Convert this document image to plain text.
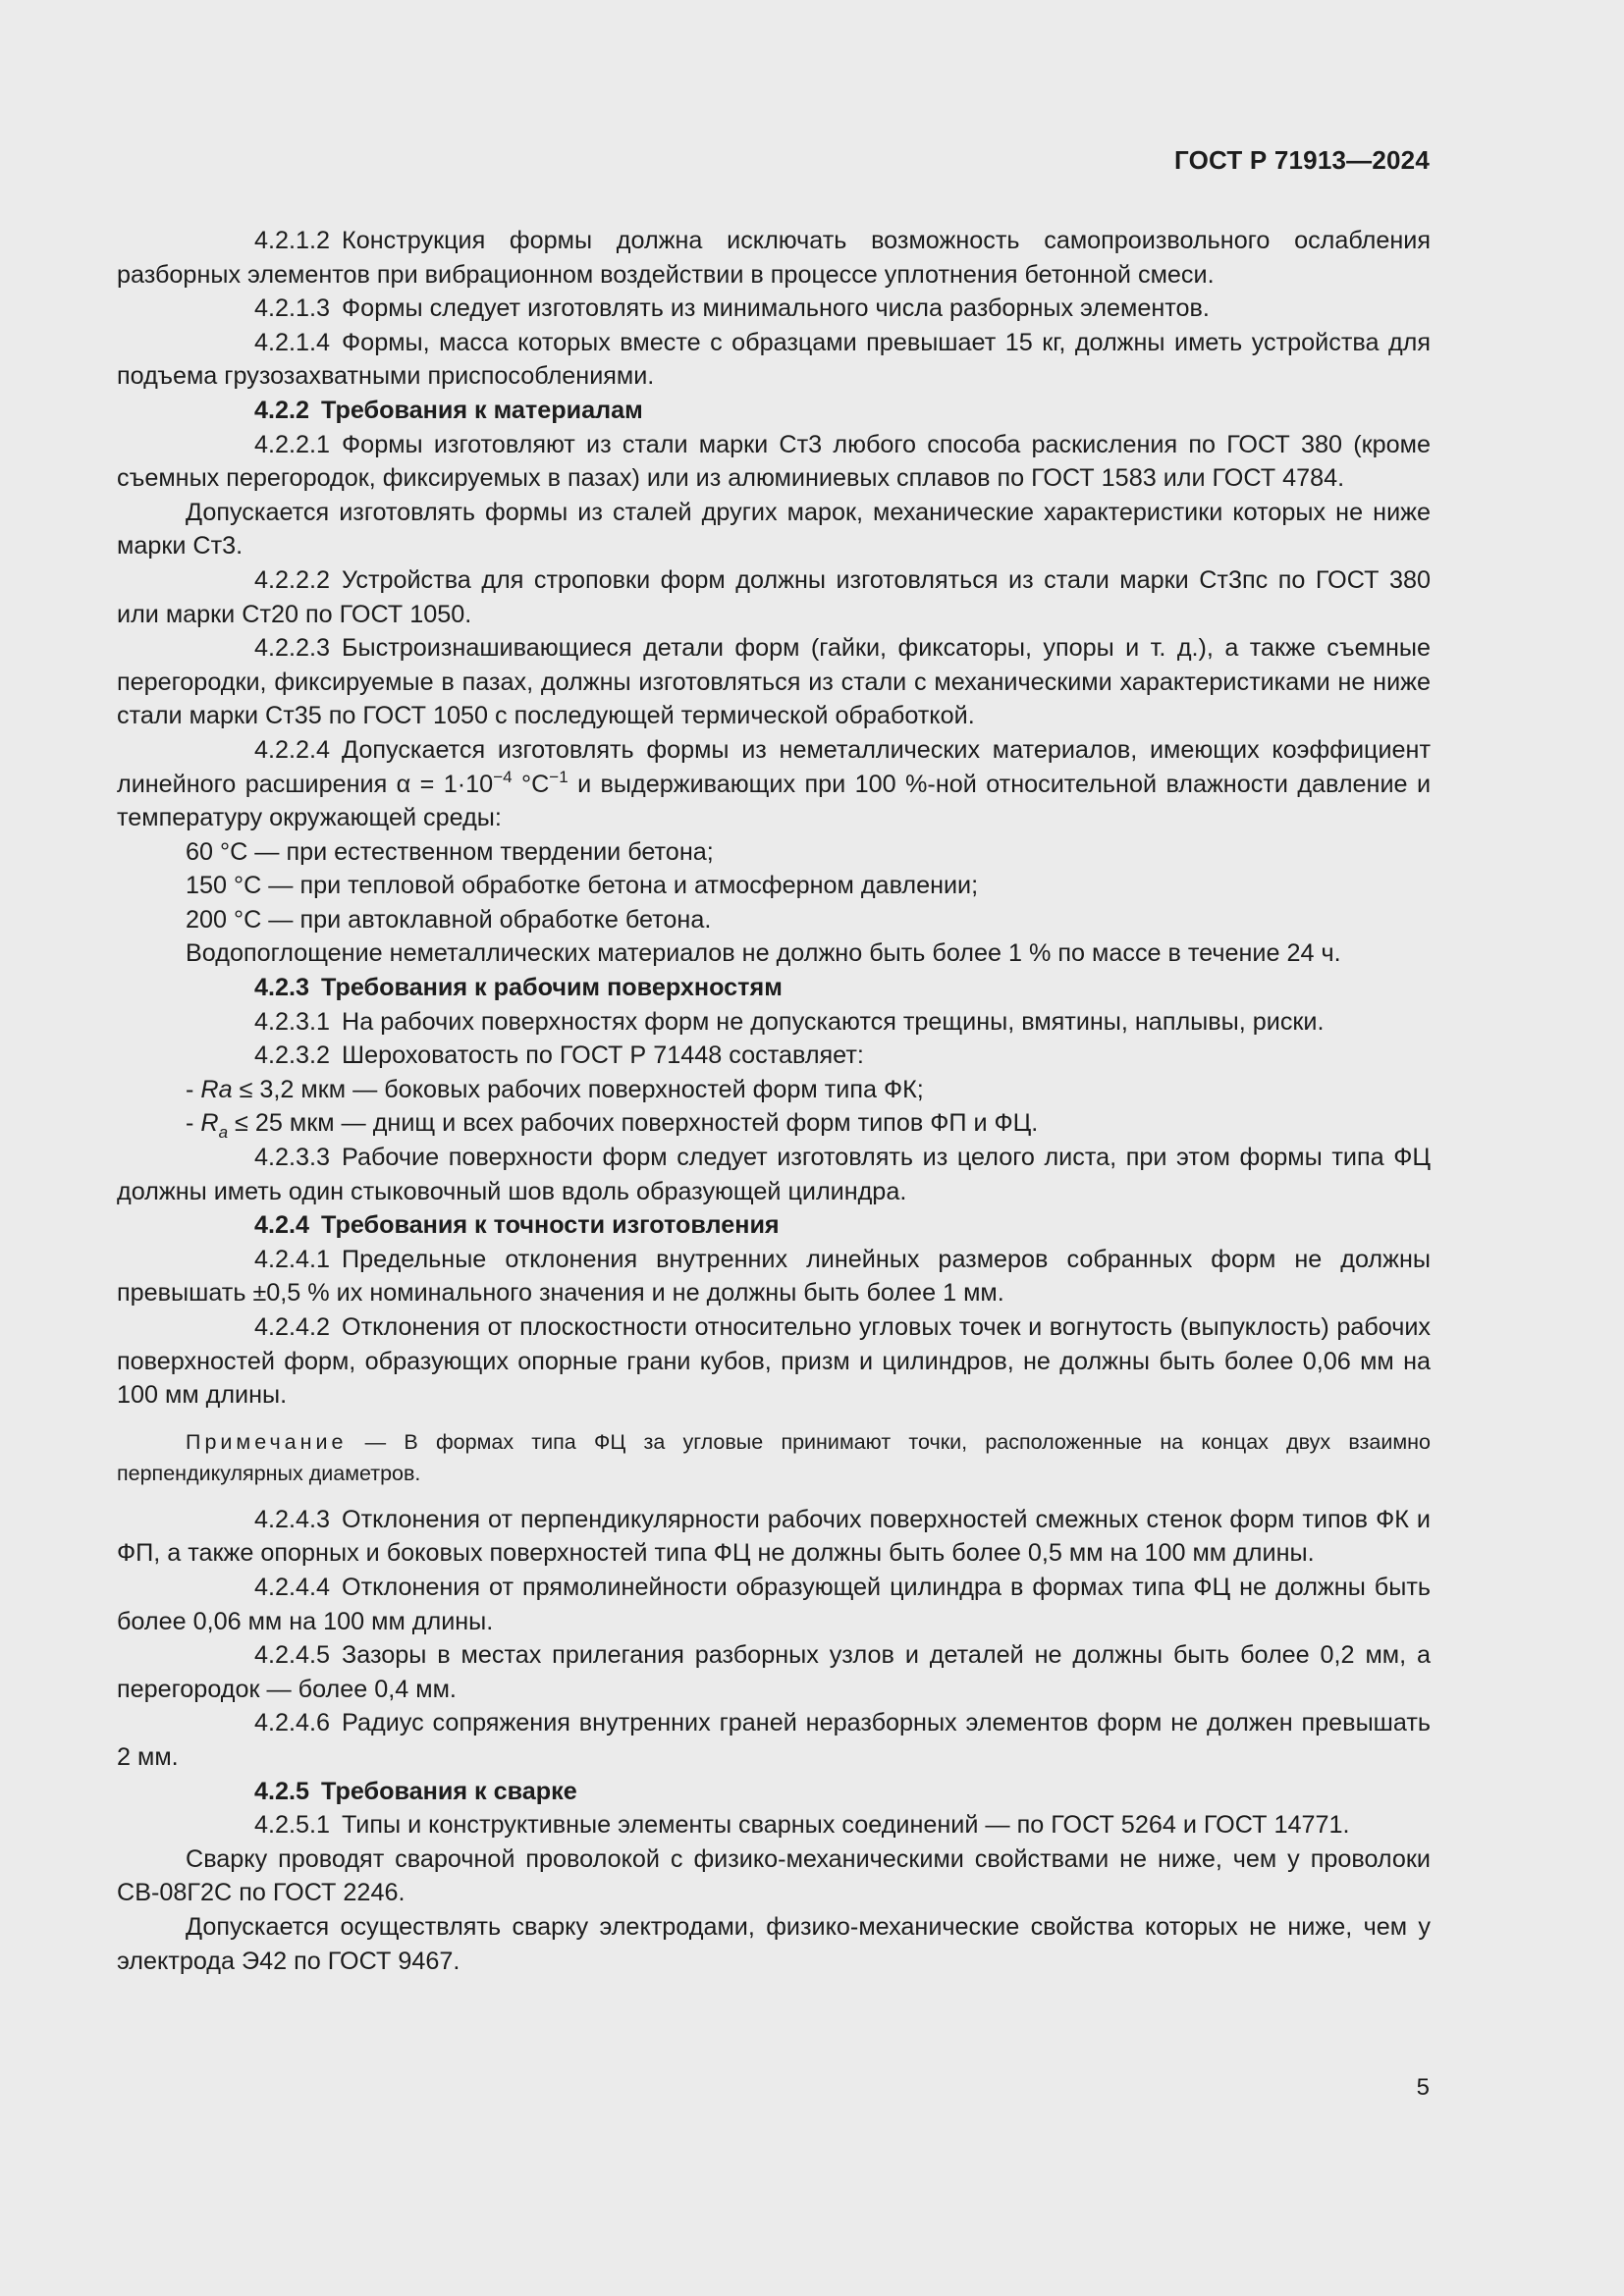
ГОСТ Р 71913—2024

4.2.1.2 Конструкция формы должна исключать возможность самопроизвольного ослабления разборных элементов при вибрационном воздействии в процессе уплотнения бетонной смеси.

4.2.1.3 Формы следует изготовлять из минимального числа разборных элементов.

4.2.1.4 Формы, масса которых вместе с образцами превышает 15 кг, должны иметь устройства для подъема грузозахватными приспособлениями.

4.2.2 Требования к материалам

4.2.2.1 Формы изготовляют из стали марки Ст3 любого способа раскисления по ГОСТ 380 (кроме съемных перегородок, фиксируемых в пазах) или из алюминиевых сплавов по ГОСТ 1583 или ГОСТ 4784.

Допускается изготовлять формы из сталей других марок, механические характеристики которых не ниже марки Ст3.

4.2.2.2 Устройства для строповки форм должны изготовляться из стали марки Ст3пс по ГОСТ 380 или марки Ст20 по ГОСТ 1050.

4.2.2.3 Быстроизнашивающиеся детали форм (гайки, фиксаторы, упоры и т. д.), а также съемные перегородки, фиксируемые в пазах, должны изготовляться из стали с механическими характеристиками не ниже стали марки Ст35 по ГОСТ 1050 с последующей термической обработкой.

4.2.2.4 Допускается изготовлять формы из неметаллических материалов, имеющих коэффициент линейного расширения $\alpha = 1\cdot 10^{-4}$ $^\circ С^{-1}$ и выдерживающих при 100 %-ной относительной влажности давление и температуру окружающей среды:

60 °С — при естественном твердении бетона;

150 °С — при тепловой обработке бетона и атмосферном давлении;

200 °С — при автоклавной обработке бетона.

Водопоглощение неметаллических материалов не должно быть более 1 % по массе в течение 24 ч.

4.2.3 Требования к рабочим поверхностям

4.2.3.1 На рабочих поверхностях форм не допускаются трещины, вмятины, наплывы, риски.

4.2.3.2 Шероховатость по ГОСТ Р 71448 составляет:

- Ra ≤ 3,2 мкм — боковых рабочих поверхностей форм типа ФК;

- $R_a \le 25$ мкм — днищ и всех рабочих поверхностей форм типов ФП и ФЦ.

4.2.3.3 Рабочие поверхности форм следует изготовлять из целого листа, при этом формы типа ФЦ должны иметь один стыковочный шов вдоль образующей цилиндра.

4.2.4 Требования к точности изготовления

4.2.4.1 Предельные отклонения внутренних линейных размеров собранных форм не должны превышать ±0,5 % их номинального значения и не должны быть более 1 мм.

4.2.4.2 Отклонения от плоскостности относительно угловых точек и вогнутость (выпуклость) рабочих поверхностей форм, образующих опорные грани кубов, призм и цилиндров, не должны быть более 0,06 мм на 100 мм длины.

Примечание — В формах типа ФЦ за угловые принимают точки, расположенные на концах двух взаимно перпендикулярных диаметров.

4.2.4.3 Отклонения от перпендикулярности рабочих поверхностей смежных стенок форм типов ФК и ФП, а также опорных и боковых поверхностей типа ФЦ не должны быть более 0,5 мм на 100 мм длины.

4.2.4.4 Отклонения от прямолинейности образующей цилиндра в формах типа ФЦ не должны быть более 0,06 мм на 100 мм длины.

4.2.4.5 Зазоры в местах прилегания разборных узлов и деталей не должны быть более 0,2 мм, а перегородок — более 0,4 мм.

4.2.4.6 Радиус сопряжения внутренних граней неразборных элементов форм не должен превышать 2 мм.

4.2.5 Требования к сварке

4.2.5.1 Типы и конструктивные элементы сварных соединений — по ГОСТ 5264 и ГОСТ 14771.

Сварку проводят сварочной проволокой с физико-механическими свойствами не ниже, чем у проволоки СВ-08Г2С по ГОСТ 2246.

Допускается осуществлять сварку электродами, физико-механические свойства которых не ниже, чем у электрода Э42 по ГОСТ 9467.

5
